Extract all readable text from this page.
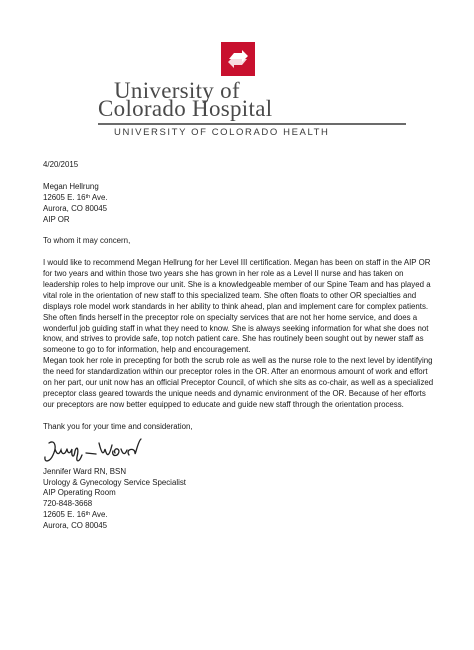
University of
Colorado Hospital
UNIVERSITY OF COLORADO HEALTH
4/20/2015
Megan Hellrung
12605 E. 16th Ave.
Aurora, CO 80045
AIP OR
To whom it may concern,

I would like to recommend Megan Hellrung for her Level III certification. Megan has been on staff in the AIP OR for two years and within those two years she has grown in her role as a Level II nurse and has taken on leadership roles to help improve our unit. She is a knowledgeable member of our Spine Team and has played a vital role in the orientation of new staff to this specialized team. She often floats to other OR specialties and displays role model work standards in her ability to think ahead, plan and implement care for complex patients. She often finds herself in the preceptor role on specialty services that are not her home service, and does a wonderful job guiding staff in what they need to know. She is always seeking information for what she does not know, and strives to provide safe, top notch patient care. She has routinely been sought out by newer staff as someone to go to for information, help and encouragement.

Megan took her role in precepting for both the scrub role as well as the nurse role to the next level by identifying the need for standardization within our preceptor roles in the OR. After an enormous amount of work and effort on her part, our unit now has an official Preceptor Council, of which she sits as co-chair, as well as a specialized preceptor class geared towards the unique needs and dynamic environment of the OR. Because of her efforts our preceptors are now better equipped to educate and guide new staff through the orientation process.

Thank you for your time and consideration,
Jennifer Ward RN, BSN
Urology & Gynecology Service Specialist
AIP Operating Room
720-848-3668
12605 E. 16th Ave.
Aurora, CO 80045
